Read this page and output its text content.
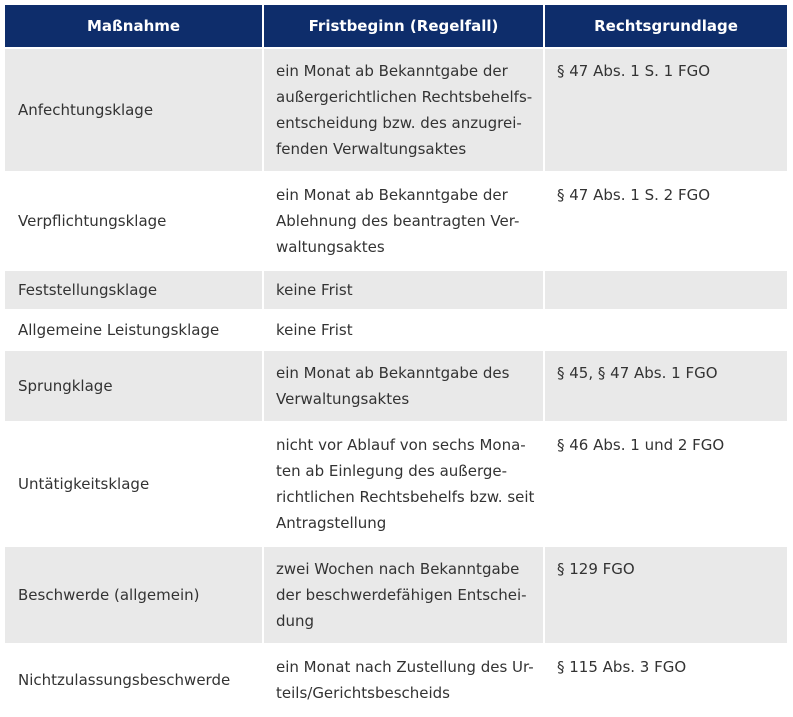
Maßnahme	Fristbeginn (Regelfall)	Rechtsgrundlage
Anfechtungsklage	ein Monat ab Bekanntgabe der
außergerichtlichen Rechtsbehelfs-
entscheidung bzw. des anzugrei-
fenden Verwaltungsaktes	§ 47 Abs. 1 S. 1 FGO
Verpflichtungsklage	ein Monat ab Bekanntgabe der
Ablehnung des beantragten Ver-
waltungsaktes	§ 47 Abs. 1 S. 2 FGO
Feststellungsklage	keine Frist	

Allgemeine Leistungsklage	keine Frist	

Sprungklage	ein Monat ab Bekanntgabe des
Verwaltungsaktes	§ 45, § 47 Abs. 1 FGO
Untätigkeitsklage	nicht vor Ablauf von sechs Mona-
ten ab Einlegung des außerge-
richtlichen Rechtsbehelfs bzw. seit
Antragstellung	§ 46 Abs. 1 und 2 FGO
Beschwerde (allgemein)	zwei Wochen nach Bekanntgabe
der beschwerdefähigen Entschei-
dung	§ 129 FGO
Nichtzulassungsbeschwerde	ein Monat nach Zustellung des Ur-
teils/Gerichtsbescheids	§ 115 Abs. 3 FGO
